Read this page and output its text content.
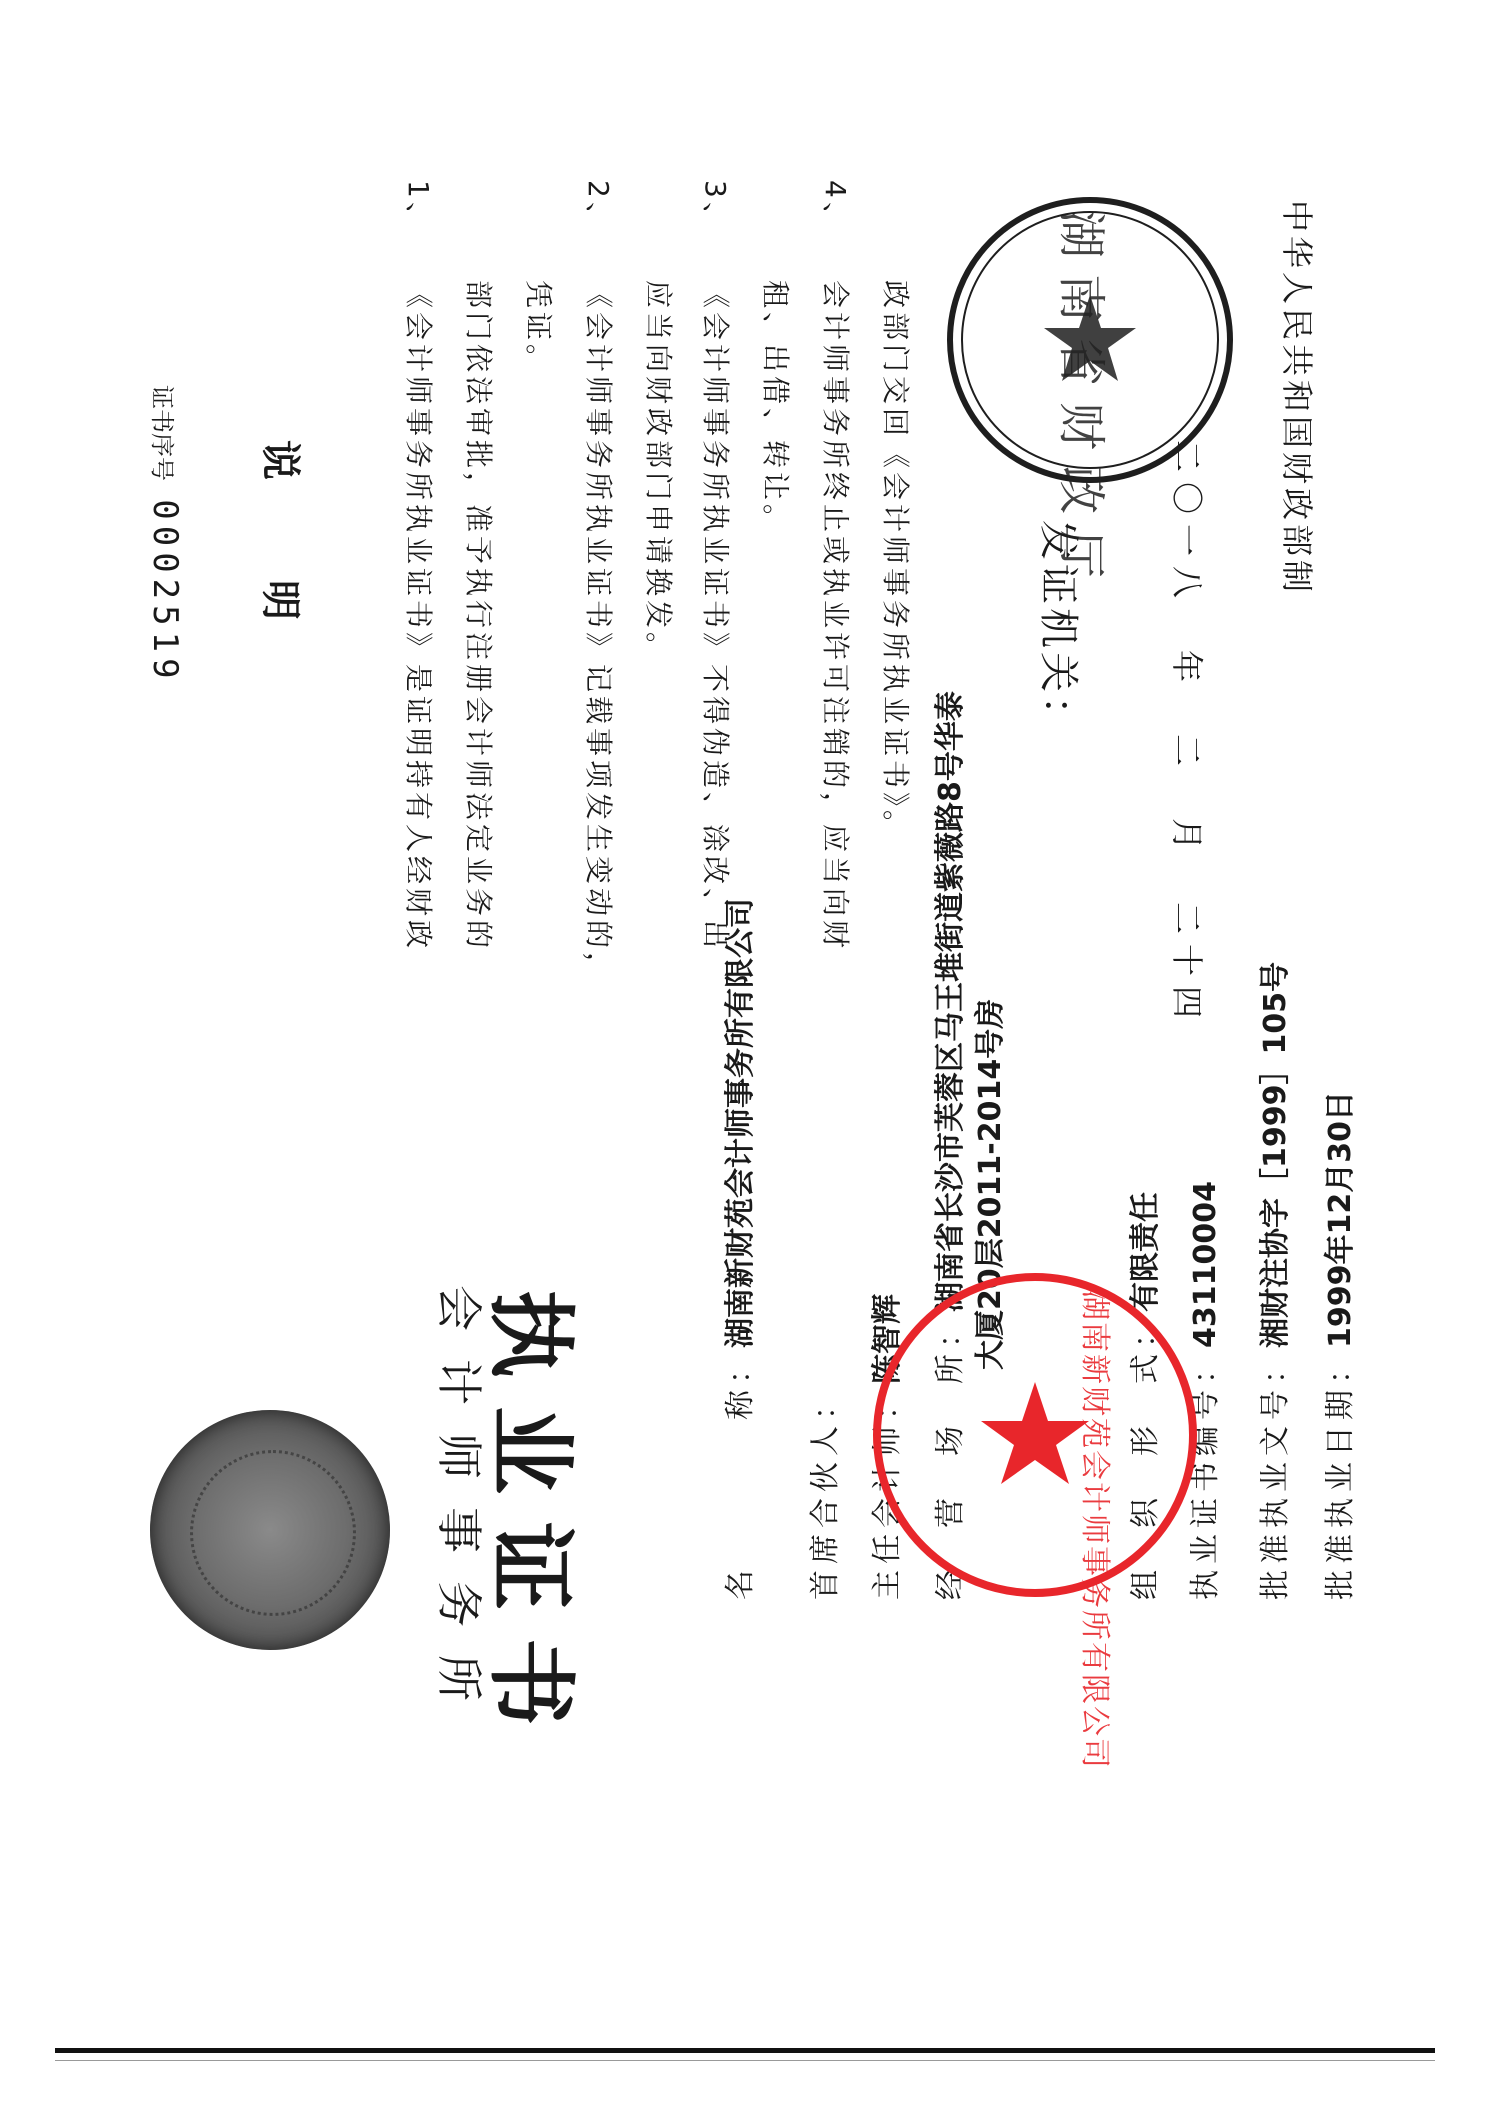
证书序号 0002519 说　明
1、《会计师事务所执业证书》是证明持有人经财政 部门依法审批，准予执行注册会计师法定业务的 凭证。
2、《会计师事务所执业证书》记载事项发生变动的， 应当向财政部门申请换发。
3、《会计师事务所执业证书》不得伪造、涂改、出 租、出借、转让。
4、会计师事务所终止或执业许可注销的，应当向财 政部门交回《会计师事务所执业证书》。	发证机关：	二〇一八　年　二　月　二十四
中华人民共和国财政部制
湖南省财政厅
会计师事务所
执业证书	名　　　　称：湖南新财苑会计师事务所有限公司
首席合伙人： 主任会计师：陈智辉 经　营　场　所：湖南省长沙市芙蓉区马王堆街道紫薇路8号华泰 大厦20层2011-2014号房
组　织　形　式：有限责任
执业证书编号：43110004
批准执业文号：湘财注协字［1999］105号
批准执业日期：1999年12月30日
湖南新财苑会计师事务所有限公司
